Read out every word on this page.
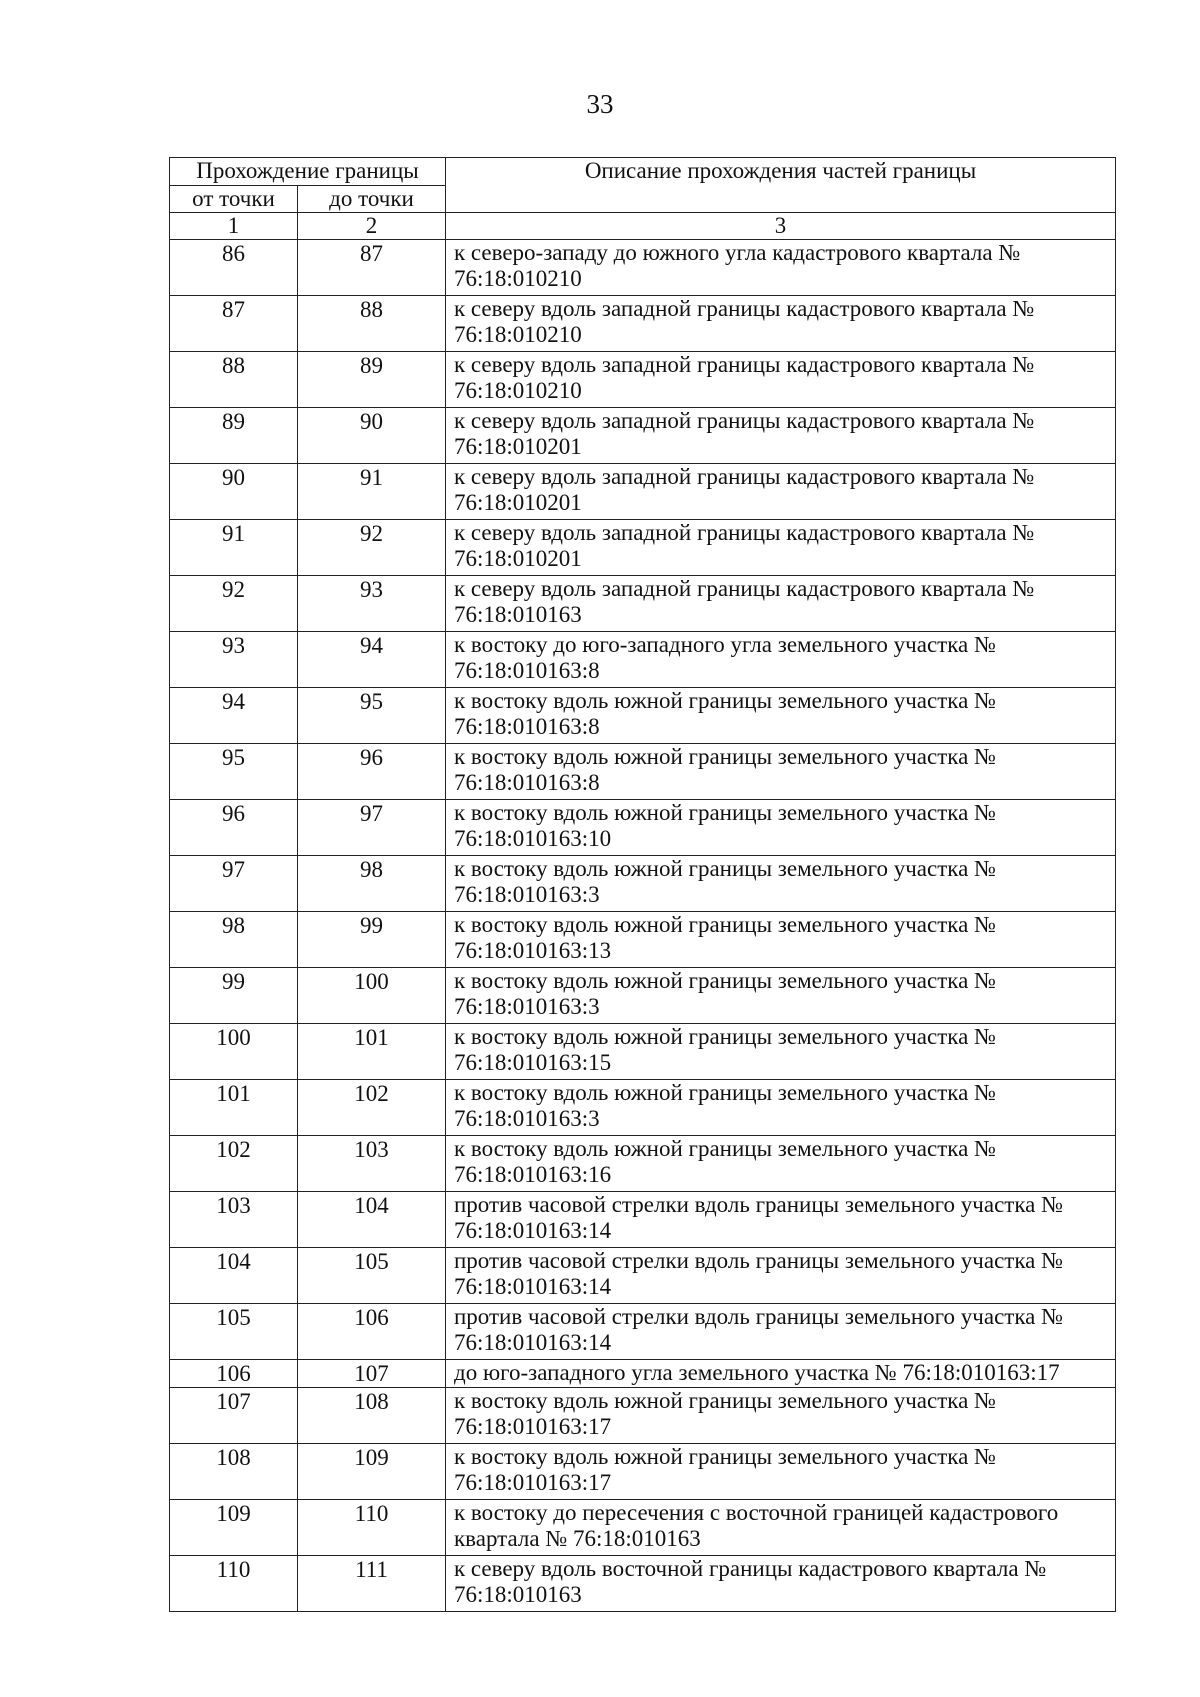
33
Прохождение границы		Описание прохождения частей границы
от точки	до точки	
1	2	3
86	87	к северо-западу до южного угла кадастрового квартала №
76:18:010210

87	88	к северу вдоль западной границы кадастрового квартала №
76:18:010210

88	89	к северу вдоль западной границы кадастрового квартала №
76:18:010210

89	90	к северу вдоль западной границы кадастрового квартала №
76:18:010201

90	91	к северу вдоль западной границы кадастрового квартала №
76:18:010201

91	92	к северу вдоль западной границы кадастрового квартала №
76:18:010201

92	93	к северу вдоль западной границы кадастрового квартала №
76:18:010163

93	94	к востоку до юго-западного угла земельного участка №
76:18:010163:8

94	95	к востоку вдоль южной границы земельного участка №
76:18:010163:8

95	96	к востоку вдоль южной границы земельного участка №
76:18:010163:8

96	97	к востоку вдоль южной границы земельного участка №
76:18:010163:10

97	98	к востоку вдоль южной границы земельного участка №
76:18:010163:3

98	99	к востоку вдоль южной границы земельного участка №
76:18:010163:13

99	100	к востоку вдоль южной границы земельного участка №
76:18:010163:3

100	101	к востоку вдоль южной границы земельного участка №
76:18:010163:15

101	102	к востоку вдоль южной границы земельного участка №
76:18:010163:3

102	103	к востоку вдоль южной границы земельного участка №
76:18:010163:16

103	104	против часовой стрелки вдоль границы земельного участка №
76:18:010163:14

104	105	против часовой стрелки вдоль границы земельного участка №
76:18:010163:14

105	106	против часовой стрелки вдоль границы земельного участка №
76:18:010163:14

106	107	до юго-западного угла земельного участка № 76:18:010163:17

107	108	к востоку вдоль южной границы земельного участка №
76:18:010163:17

108	109	к востоку вдоль южной границы земельного участка №
76:18:010163:17

109	110	к востоку до пересечения с восточной границей кадастрового
квартала № 76:18:010163

110	111	к северу вдоль восточной границы кадастрового квартала №
76:18:010163
